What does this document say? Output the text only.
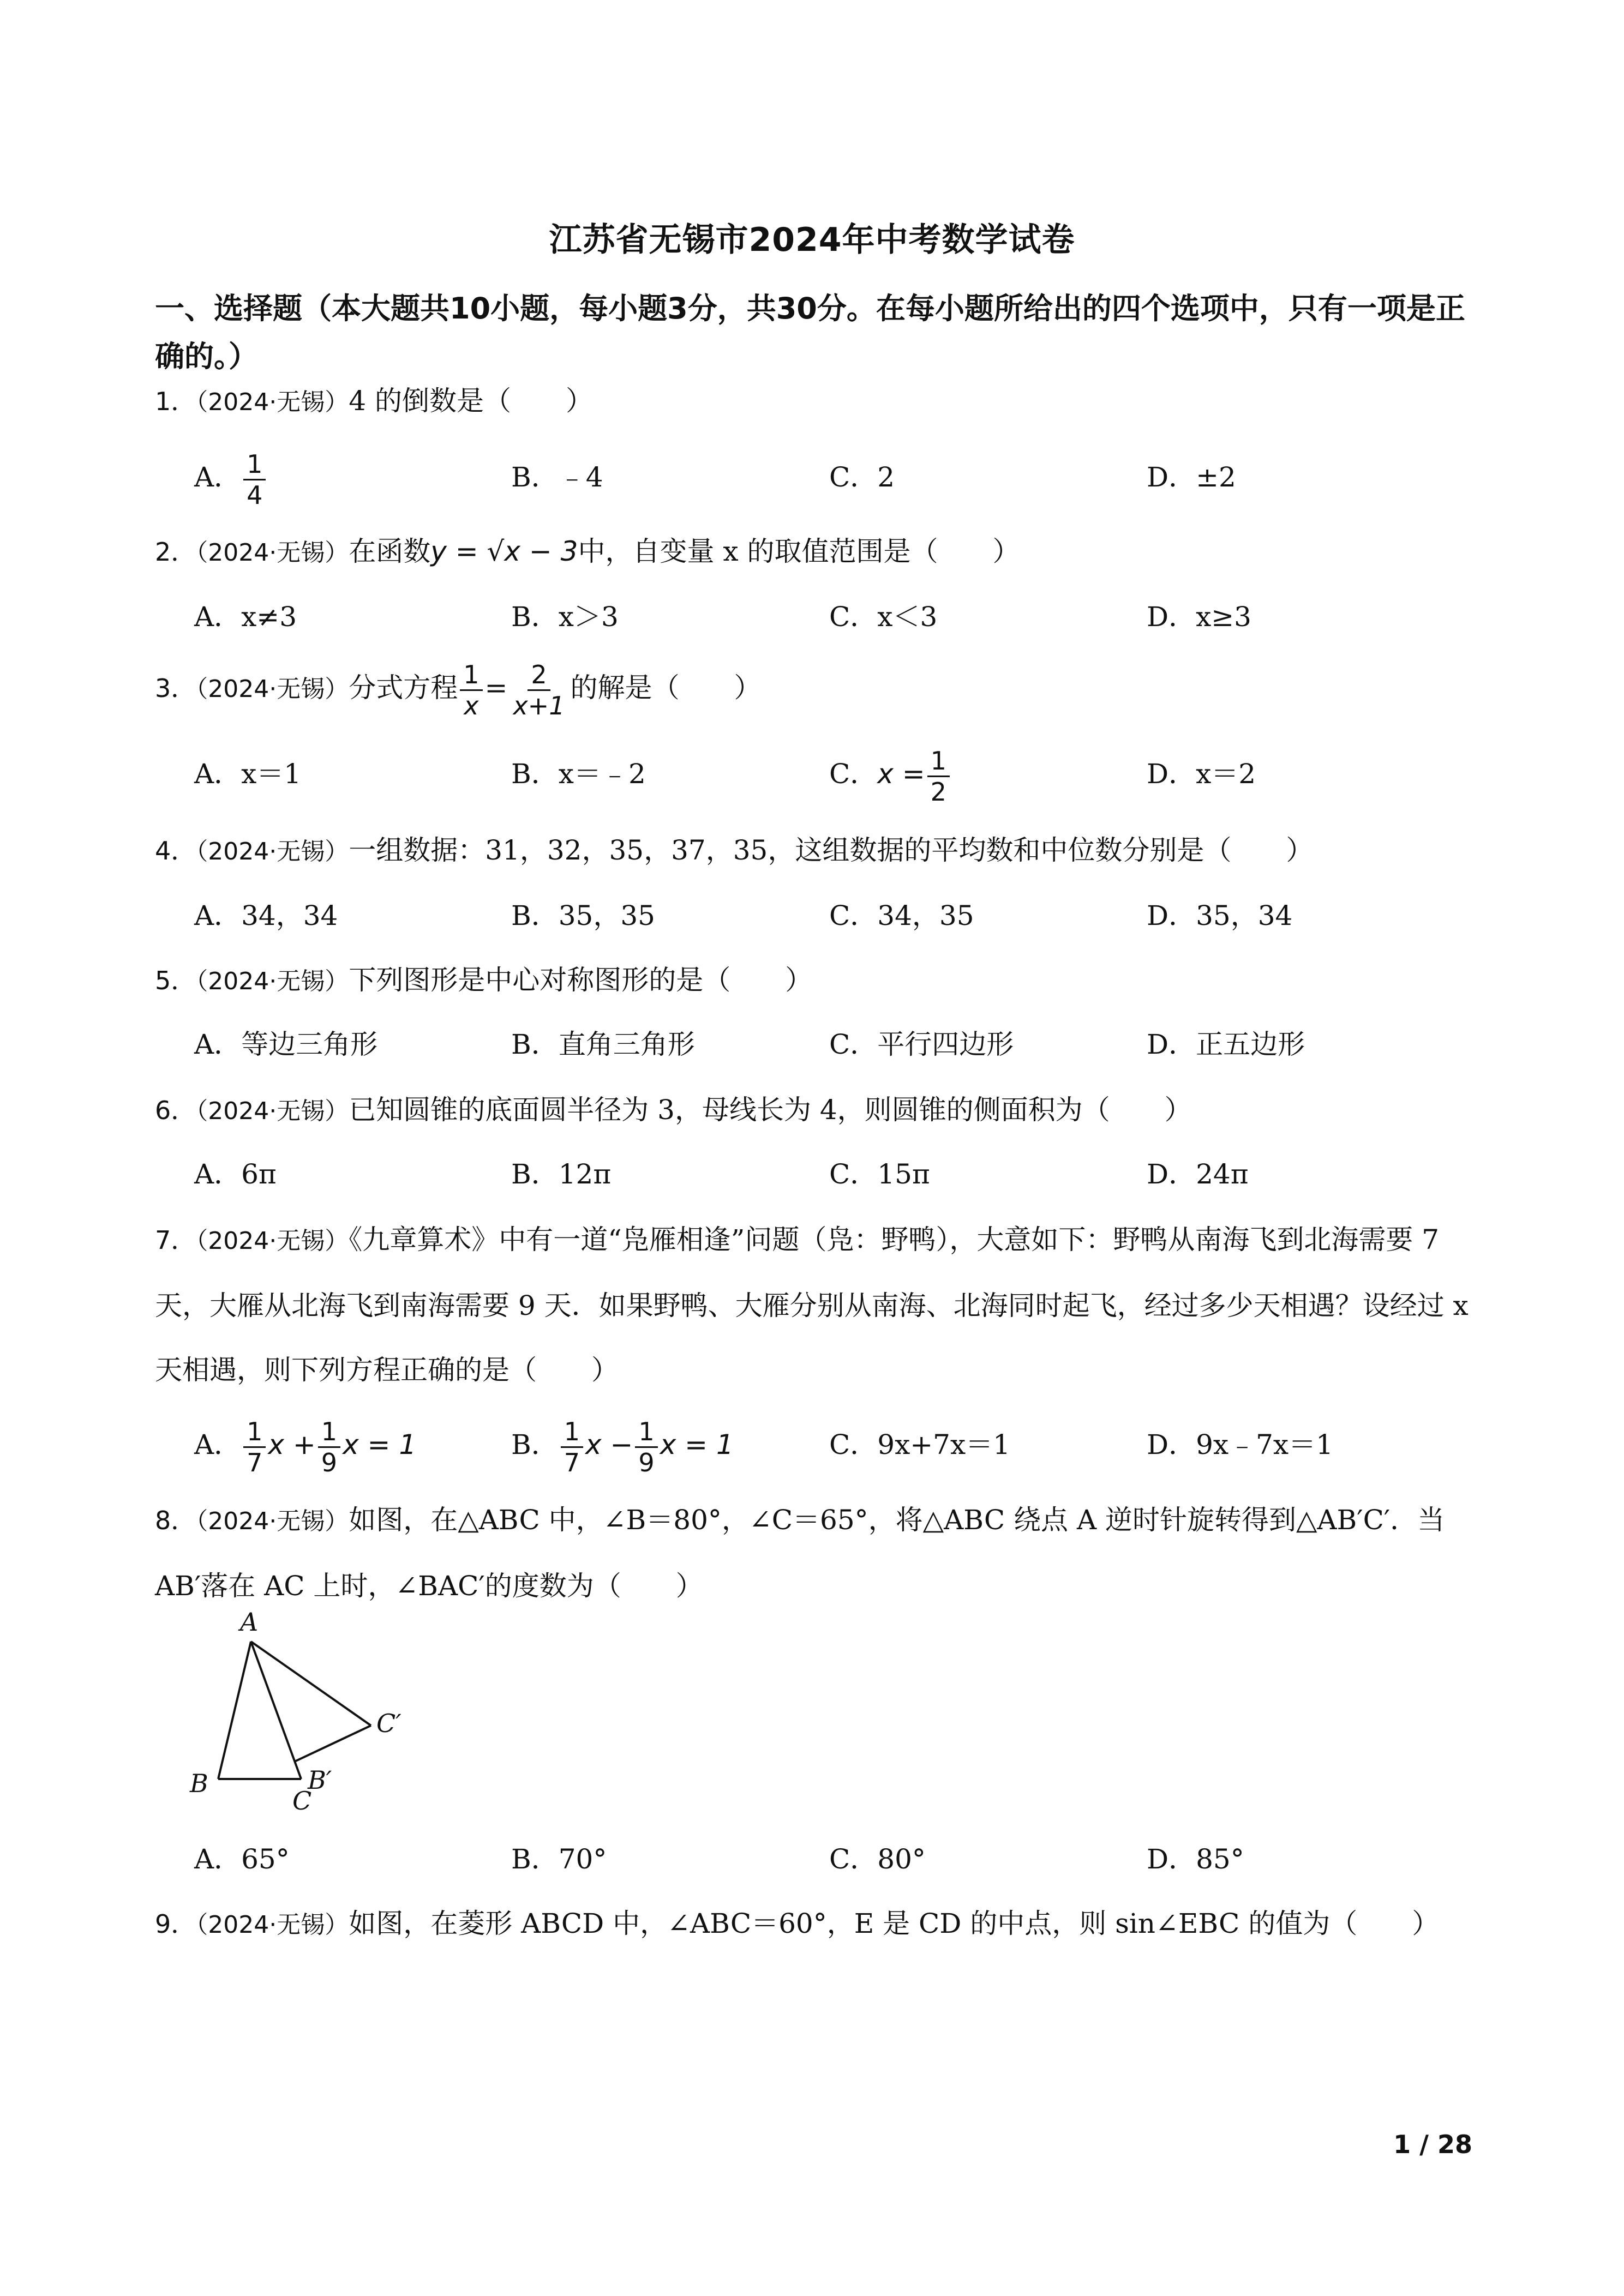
江苏省无锡市2024年中考数学试卷
一、选择题（本大题共10小题，每小题3分，共30分。在每小题所给出的四个选项中，只有一项是正确的。）
1．（2024·无锡）4 的倒数是（　　）
A． $\frac{1}{4}$	B．﹣4	C．2	D．±2
2．（2024·无锡）在函数y = √x − 3中，自变量 x 的取值范围是（　　）
A．x≠3	B．x＞3	C．x＜3	D．x≥3
3．（2024·无锡）分式方程 $\frac{1}{x} = \frac{2}{x+1}$ 的解是（　　）
A．x＝1	B．x＝﹣2	C．$x = \frac{1}{2}$	D．x＝2
4．（2024·无锡）一组数据：31，32，35，37，35，这组数据的平均数和中位数分别是（　　）
A．34，34	B．35，35	C．34，35	D．35，34
5．（2024·无锡）下列图形是中心对称图形的是（　　）
A．等边三角形	B．直角三角形	C．平行四边形	D．正五边形
6．（2024·无锡）已知圆锥的底面圆半径为 3，母线长为 4，则圆锥的侧面积为（　　）
A．6π	B．12π	C．15π	D．24π
7．（2024·无锡）《九章算术》中有一道“凫雁相逢”问题（凫：野鸭），大意如下：野鸭从南海飞到北海需要 7 天，大雁从北海飞到南海需要 9 天．如果野鸭、大雁分别从南海、北海同时起飞，经过多少天相遇？设经过 x 天相遇，则下列方程正确的是（　　）
A． $\frac{1}{7}$ $x + \frac{1}{9}$ x = 1	B． $\frac{1}{7}$ $x - \frac{1}{9}$ x = 1	C．9x+7x＝1	D．9x﹣7x＝1
8．（2024·无锡）如图，在△ABC 中，∠B＝80°，∠C＝65°，将△ABC 绕点 A 逆时针旋转得到△AB′C′．当 AB′落在 AC 上时，∠BAC′的度数为（　　）
A
B
C
B′
C′
A．65°	B．70°	C．80°	D．85°
9．（2024·无锡）如图，在菱形 ABCD 中，∠ABC＝60°，E 是 CD 的中点，则 sin∠EBC 的值为（　　）
1 / 28
